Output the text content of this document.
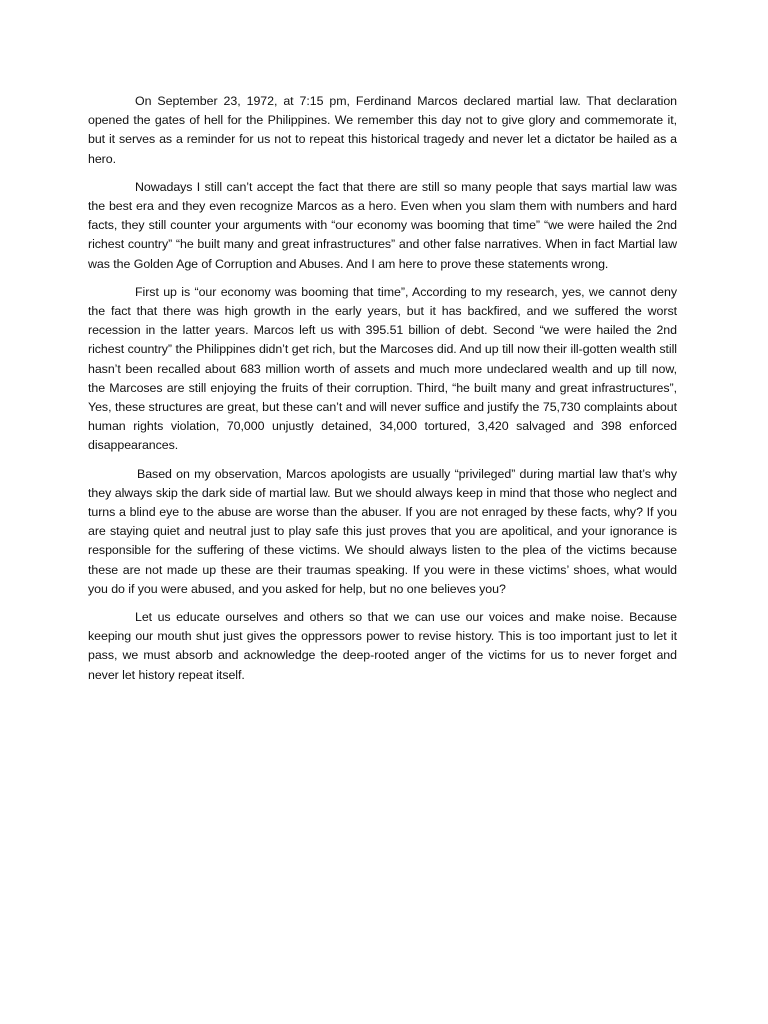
On September 23, 1972, at 7:15 pm, Ferdinand Marcos declared martial law. That declaration opened the gates of hell for the Philippines. We remember this day not to give glory and commemorate it, but it serves as a reminder for us not to repeat this historical tragedy and never let a dictator be hailed as a hero.

Nowadays I still can’t accept the fact that there are still so many people that says martial law was the best era and they even recognize Marcos as a hero. Even when you slam them with numbers and hard facts, they still counter your arguments with “our economy was booming that time” “we were hailed the 2nd richest country” “he built many and great infrastructures” and other false narratives. When in fact Martial law was the Golden Age of Corruption and Abuses. And I am here to prove these statements wrong.

First up is “our economy was booming that time”, According to my research, yes, we cannot deny the fact that there was high growth in the early years, but it has backfired, and we suffered the worst recession in the latter years. Marcos left us with 395.51 billion of debt. Second “we were hailed the 2nd richest country” the Philippines didn’t get rich, but the Marcoses did. And up till now their ill-gotten wealth still hasn’t been recalled about 683 million worth of assets and much more undeclared wealth and up till now, the Marcoses are still enjoying the fruits of their corruption. Third, “he built many and great infrastructures”, Yes, these structures are great, but these can’t and will never suffice and justify the 75,730 complaints about human rights violation, 70,000 unjustly detained, 34,000 tortured, 3,420 salvaged and 398 enforced disappearances.

Based on my observation, Marcos apologists are usually “privileged” during martial law that’s why they always skip the dark side of martial law. But we should always keep in mind that those who neglect and turns a blind eye to the abuse are worse than the abuser. If you are not enraged by these facts, why? If you are staying quiet and neutral just to play safe this just proves that you are apolitical, and your ignorance is responsible for the suffering of these victims. We should always listen to the plea of the victims because these are not made up these are their traumas speaking. If you were in these victims’ shoes, what would you do if you were abused, and you asked for help, but no one believes you?

Let us educate ourselves and others so that we can use our voices and make noise. Because keeping our mouth shut just gives the oppressors power to revise history. This is too important just to let it pass, we must absorb and acknowledge the deep-rooted anger of the victims for us to never forget and never let history repeat itself.
